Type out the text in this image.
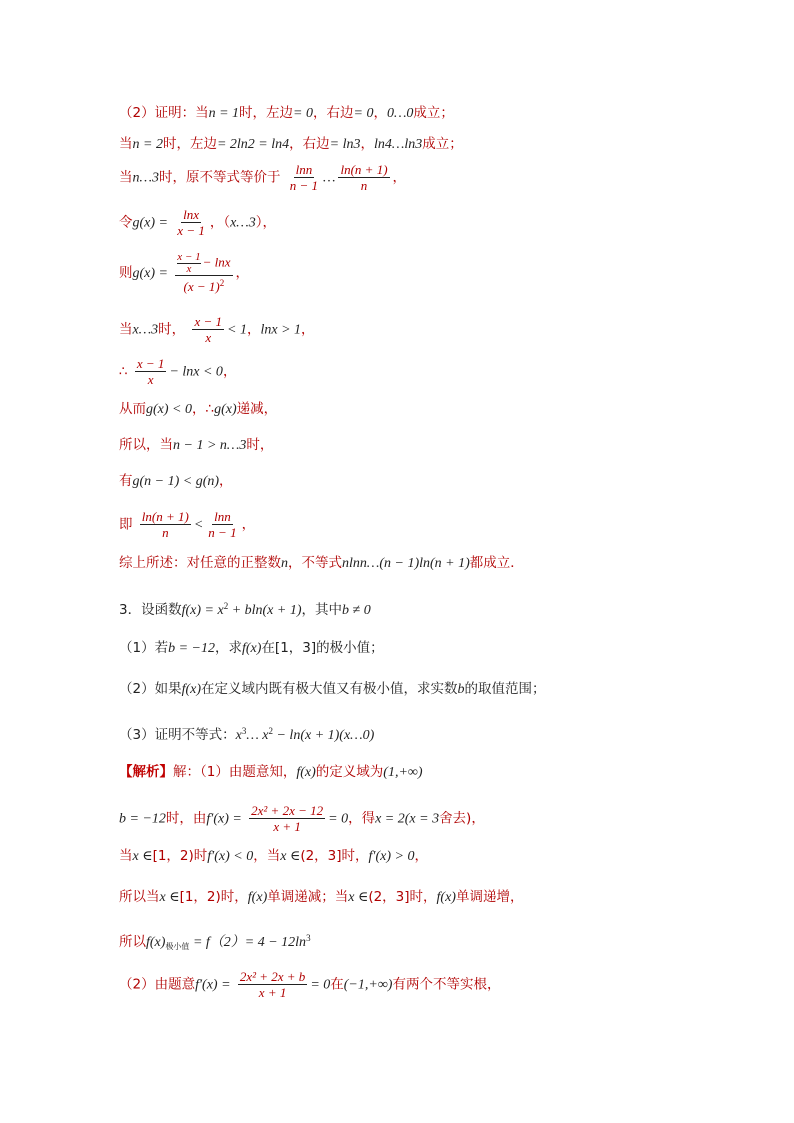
（2）证明：当n = 1时，左边= 0，右边= 0，0…0成立；
当n = 2时，左边= 2ln2 = ln4，右边= ln3，ln4…ln3成立；
当n…3时，原不等式等价于 $\frac{\ln n}{n - 1}$ … $\frac{\ln(n + 1)}{n}$ ，
令$g(x) = \frac{\ln x}{x - 1}$ ，（x…3），
则$g(x) = \frac{\frac{x - 1}{x} - \ln x}{(x - 1)^2}$ ，
当x…3时， $\frac{x - 1}{x} < 1$，lnx > 1，
∴ $\frac{x - 1}{x} - \ln x < 0$，
从而g(x) < 0，∴g(x)递减，
所以，当n − 1 > n…3时，
有g(n − 1) < g(n)，
即 $\frac{\ln(n + 1)}{n} < \frac{\ln n}{n - 1}$ ，
综上所述：对任意的正整数n，不等式nlnn…(n − 1)ln(n + 1)都成立．
3．设函数$f(x) = x^2 + bln(x + 1)$，其中b ≠ 0
（1）若b = −12，求f(x)在[1，3]的极小值；
（2）如果f(x)在定义域内既有极大值又有极小值，求实数b的取值范围；
（3）证明不等式：$x^3\dots$ $x^2 - \ln(x$ + 1)(x…0)
【解析】解：（1）由题意知，f(x)的定义域为(1,+∞)
b = −12时，由$f'(x) = \frac{\text{2x² + 2x − 12}}{x + 1} = 0$，得x = 2(x = 3舍去)，
当x ∈[1，2)时f′(x) < 0，当x ∈(2，3]时，f′(x) > 0，
所以当x ∈[1，2)时，f(x)单调递减；当x ∈(2，3]时，f(x)单调递增，
所以$f(x)_{极小值} = f(2)= 4 - 12\ln^3$
（2）由题意$f'(x) = \frac{\text{2x² + 2x + b}}{x + 1} = 0$在(−1,+∞)有两个不等实根，
